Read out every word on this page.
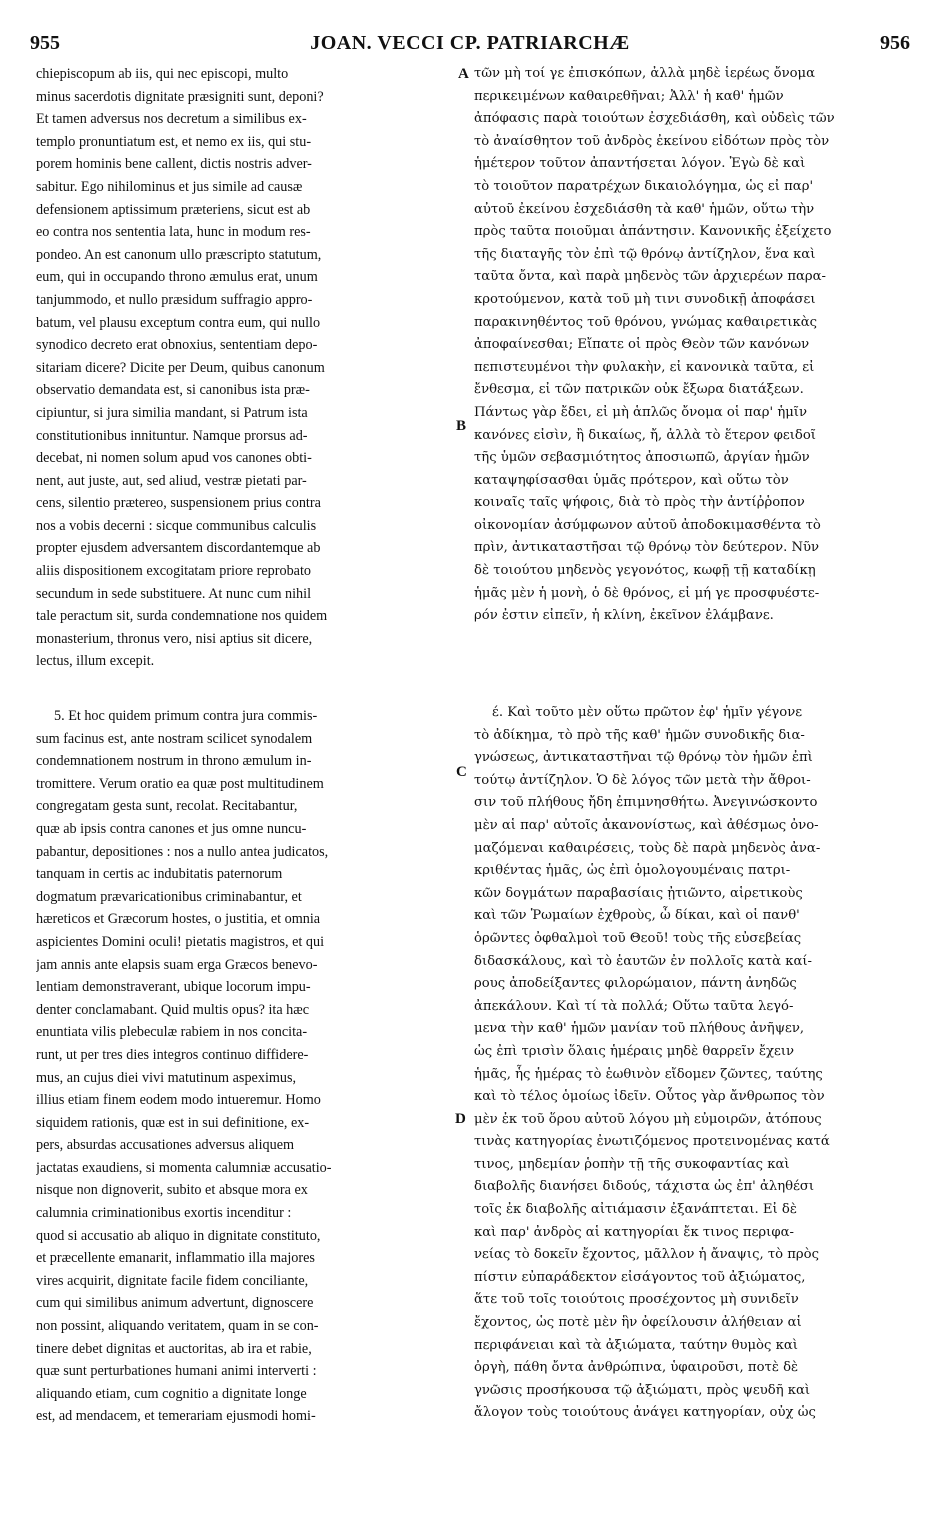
955	JOAN. VECCI CP. PATRIARCHÆ	956
chiepiscopum ab iis, qui nec episcopi, multo
minus sacerdotis dignitate præsigniti sunt, deponi?
Et tamen adversus nos decretum a similibus ex-
templo pronuntiatum est, et nemo ex iis, qui stu-
porem hominis bene callent, dictis nostris adver-
sabitur. Ego nihilominus et jus simile ad causæ
defensionem aptissimum præteriens, sicut est ab
eo contra nos sententia lata, hunc in modum res-
pondeo. An est canonum ullo præscripto statutum,
eum, qui in occupando throno æmulus erat, unum
tanjummodo, et nullo præsidum suffragio appro-
batum, vel plausu exceptum contra eum, qui nullo
synodico decreto erat obnoxius, sententiam depo-
sitariam dicere? Dicite per Deum, quibus canonum
observatio demandata est, si canonibus ista præ-
cipiuntur, si jura similia mandant, si Patrum ista
constitutionibus innituntur. Namque prorsus ad-
decebat, ni nomen solum apud vos canones obti-
nent, aut juste, aut, sed aliud, vestræ pietati par-
cens, silentio prætereo, suspensionem prius contra
nos a vobis decerni : sicque communibus calculis
propter ejusdem adversantem discordantemque ab
aliis dispositionem excogitatam priore reprobato
secundum in sede substituere. At nunc cum nihil
tale peractum sit, surda condemnatione nos quidem
monasterium, thronus vero, nisi aptius sit dicere,
lectus, illum excepit.
5. Et hoc quidem primum contra jura commis-
sum facinus est, ante nostram scilicet synodalem
condemnationem nostrum in throno æmulum in-
tromittere. Verum oratio ea quæ post multitudinem
congregatam gesta sunt, recolat. Recitabantur,
quæ ab ipsis contra canones et jus omne nuncu-
pabantur, depositiones : nos a nullo antea judicatos,
tanquam in certis ac indubitatis paternorum
dogmatum prævaricationibus criminabantur, et
hæreticos et Græcorum hostes, o justitia, et omnia
aspicientes Domini oculi! pietatis magistros, et qui
jam annis ante elapsis suam erga Græcos benevo-
lentiam demonstraverant, ubique locorum impu-
denter conclamabant. Quid multis opus? ita hæc
enuntiata vilis plebeculæ rabiem in nos concita-
runt, ut per tres dies integros continuo diffidere-
mus, an cujus diei vivi matutinum aspeximus,
illius etiam finem eodem modo intueremur. Homo
siquidem rationis, quæ est in sui definitione, ex-
pers, absurdas accusationes adversus aliquem
jactatas exaudiens, si momenta calumniæ accusatio-
nisque non dignoverit, subito et absque mora ex
calumnia criminationibus exortis incenditur :
quod si accusatio ab aliquo in dignitate constituto,
et præcellente emanarit, inflammatio illa majores
vires acquirit, dignitate facile fidem conciliante,
cum qui similibus animum advertunt, dignoscere
non possint, aliquando veritatem, quam in se con-
tinere debet dignitas et auctoritas, ab ira et rabie,
quæ sunt perturbationes humani animi interverti :
aliquando etiam, cum cognitio a dignitate longe
est, ad mendacem, et temerariam ejusmodi homi-
τῶν μὴ τοί γε ἐπισκόπων, ἀλλὰ μηδὲ ἱερέως ὄνομα
περικειμένων καθαιρεθῆναι; Ἀλλ' ἡ καθ' ἡμῶν
ἀπόφασις παρὰ τοιούτων ἐσχεδιάσθη, καὶ οὐδεὶς τῶν
τὸ ἀναίσθητον τοῦ ἀνδρὸς ἐκείνου εἰδότων πρὸς τὸν
ἡμέτερον τοῦτον ἀπαντήσεται λόγον. Ἐγὼ δὲ καὶ
τὸ τοιοῦτον παρατρέχων δικαιολόγημα, ὡς εἰ παρ'
αὐτοῦ ἐκείνου ἐσχεδιάσθη τὰ καθ' ἡμῶν, οὕτω τὴν
πρὸς ταῦτα ποιοῦμαι ἀπάντησιν. Κανονικῆς ἐξείχετο
τῆς διαταγῆς τὸν ἐπὶ τῷ θρόνῳ ἀντίζηλον, ἕνα καὶ
ταῦτα ὄντα, καὶ παρὰ μηδενὸς τῶν ἀρχιερέων παρα-
κροτούμενον, κατὰ τοῦ μὴ τινι συνοδικῇ ἀποφάσει
παρακινηθέντος τοῦ θρόνου, γνώμας καθαιρετικὰς
ἀποφαίνεσθαι; Εἴπατε οἱ πρὸς Θεὸν τῶν κανόνων
πεπιστευμένοι τὴν φυλακὴν, εἰ κανονικὰ ταῦτα, εἰ
ἔνθεσμα, εἰ τῶν πατρικῶν οὐκ ἔξωρα διατάξεων.
Πάντως γὰρ ἔδει, εἰ μὴ ἁπλῶς ὄνομα οἱ παρ' ἡμῖν
κανόνες εἰσὶν, ἢ δικαίως, ἤ, ἀλλὰ τὸ ἕτερον φειδοῖ
τῆς ὑμῶν σεβασμιότητος ἀποσιωπῶ, ἀργίαν ἡμῶν
καταψηφίσασθαι ὑμᾶς πρότερον, καὶ οὕτω τὸν
κοιναῖς ταῖς ψήφοις, διὰ τὸ πρὸς τὴν ἀντίῤῥοπον
οἰκονομίαν ἀσύμφωνον αὐτοῦ ἀποδοκιμασθέντα τὸ
πρὶν, ἀντικαταστῆσαι τῷ θρόνῳ τὸν δεύτερον. Νῦν
δὲ τοιούτου μηδενὸς γεγονότος, κωφῇ τῇ καταδίκῃ
ἡμᾶς μὲν ἡ μονὴ, ὁ δὲ θρόνος, εἰ μή γε προσφυέστε-
ρόν ἐστιν εἰπεῖν, ἡ κλίνη, ἐκεῖνον ἐλάμβανε.
έ. Καὶ τοῦτο μὲν οὕτω πρῶτον ἐφ' ἡμῖν γέγονε
τὸ ἀδίκημα, τὸ πρὸ τῆς καθ' ἡμῶν συνοδικῆς δια-
γνώσεως, ἀντικαταστῆναι τῷ θρόνῳ τὸν ἡμῶν ἐπὶ
τούτῳ ἀντίζηλον. Ὁ δὲ λόγος τῶν μετὰ τὴν ἄθροι-
σιν τοῦ πλήθους ἤδη ἐπιμνησθήτω. Ἀνεγινώσκοντο
μὲν αἱ παρ' αὐτοῖς ἀκανονίστως, καὶ ἀθέσμως ὀνο-
μαζόμεναι καθαιρέσεις, τοὺς δὲ παρὰ μηδενὸς ἀνα-
κριθέντας ἡμᾶς, ὡς ἐπὶ ὁμολογουμέναις πατρι-
κῶν δογμάτων παραβασίαις ᾐτιῶντο, αἱρετικοὺς
καὶ τῶν Ῥωμαίων ἐχθροὺς, ὦ δίκαι, καὶ οἱ πανθ'
ὁρῶντες ὀφθαλμοὶ τοῦ Θεοῦ! τοὺς τῆς εὐσεβείας
διδασκάλους, καὶ τὸ ἑαυτῶν ἐν πολλοῖς κατὰ καί-
ρους ἀποδείξαντες φιλορώμαιον, πάντη ἀνηδῶς
ἀπεκάλουν. Καὶ τί τὰ πολλά; Οὕτω ταῦτα λεγό-
μενα τὴν καθ' ἡμῶν μανίαν τοῦ πλήθους ἀνῆψεν,
ὡς ἐπὶ τρισὶν ὅλαις ἡμέραις μηδὲ θαρρεῖν ἔχειν
ἡμᾶς, ἧς ἡμέρας τὸ ἑωθινὸν εἴδομεν ζῶντες, ταύτης
καὶ τὸ τέλος ὁμοίως ἰδεῖν. Οὗτος γὰρ ἄνθρωπος τὸν
μὲν ἐκ τοῦ ὅρου αὐτοῦ λόγου μὴ εὐμοιρῶν, ἀτόπους
τινὰς κατηγορίας ἐνωτιζόμενος προτεινομένας κατά
τινος, μηδεμίαν ῥοπὴν τῇ τῆς συκοφαντίας καὶ
διαβολῆς διανήσει διδούς, τάχιστα ὡς ἐπ' ἀληθέσι
τοῖς ἐκ διαβολῆς αἰτιάμασιν ἐξανάπτεται. Εἰ δὲ
καὶ παρ' ἀνδρὸς αἱ κατηγορίαι ἔκ τινος περιφα-
νείας τὸ δοκεῖν ἔχοντος, μᾶλλον ἡ ἄναψις, τὸ πρὸς
πίστιν εὐπαράδεκτον εἰσάγοντος τοῦ ἀξιώματος,
ἅτε τοῦ τοῖς τοιούτοις προσέχοντος μὴ συνιδεῖν
ἔχοντος, ὡς ποτὲ μὲν ἣν ὀφείλουσιν ἀλήθειαν αἱ
περιφάνειαι καὶ τὰ ἀξιώματα, ταύτην θυμὸς καὶ
ὀργὴ, πάθη ὄντα ἀνθρώπινα, ὑφαιροῦσι, ποτὲ δὲ
γνῶσις προσήκουσα τῷ ἀξιώματι, πρὸς ψευδῆ καὶ
ἄλογον τοὺς τοιούτους ἀνάγει κατηγορίαν, οὐχ ὡς
A
B
C
D
